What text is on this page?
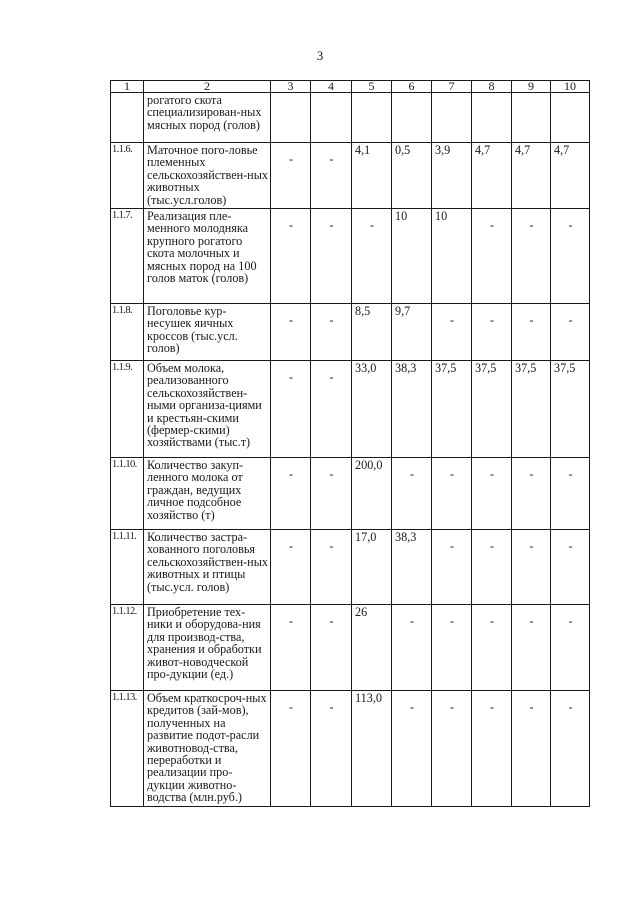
3
1	2	3	4	5	6	7	8	9	10
	рогатого скота специализирован-ных мясных пород (голов)								
1.1.6.	Маточное пого-ловье племенных сельскохозяйствен-ных животных (тыс.усл.голов)	-	-	4,1	0,5	3,9	4,7	4,7	4,7
1.1.7.	Реализация пле-менного молодняка крупного рогатого скота молочных и мясных пород на 100 голов маток (голов)	-	-	-	10	10	-	-	-

1.1.8.	Поголовье кур-несушек яичных кроссов (тыс.усл. голов)	-	-	8,5	9,7	-	-	-	-

1.1.9.	Объем молока, реализованного сельскохозяйствен-ными организа-циями и крестьян-скими (фермер-скими) хозяйствами (тыс.т)	-	-	33,0	38,3	37,5	37,5	37,5	37,5
1.1.10.	Количество закуп-ленного молока от граждан, ведущих личное подсобное хозяйство (т)	-	-	200,0	-	-	-	-	-

1.1.11.	Количество застра-хованного поголовья сельскохозяйствен-ных животных и птицы (тыс.усл. голов)	-	-	17,0	38,3	-	-	-	-

1.1.12.	Приобретение тех-ники и оборудова-ния для производ-ства, хранения и обработки живот-новодческой про-дукции (ед.)	-	-	26	-	-	-	-	-

1.1.13.	Объем краткосроч-ных кредитов (зай-мов), полученных на развитие подот-расли животновод-ства, переработки и реализации про-дукции животно-водства (млн.руб.)	-	-	113,0	-	-	-	-	-
